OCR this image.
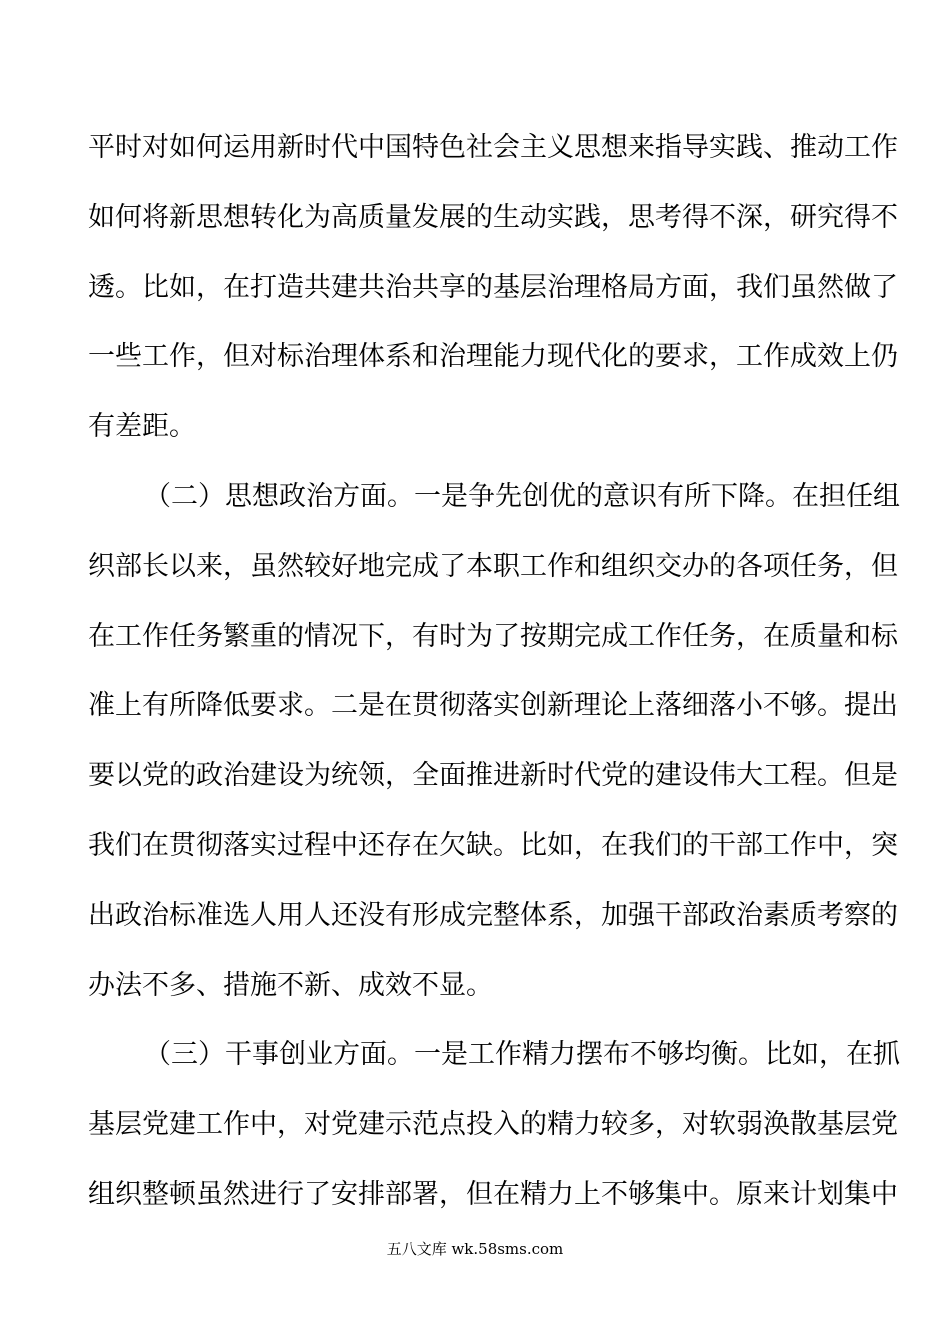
平时对如何运用新时代中国特色社会主义思想来指导实践、推动工作
如何将新思想转化为高质量发展的生动实践，思考得不深，研究得不
透。比如，在打造共建共治共享的基层治理格局方面，我们虽然做了
一些工作，但对标治理体系和治理能力现代化的要求，工作成效上仍
有差距。
（二）思想政治方面。一是争先创优的意识有所下降。在担任组
织部长以来，虽然较好地完成了本职工作和组织交办的各项任务，但
在工作任务繁重的情况下，有时为了按期完成工作任务，在质量和标
准上有所降低要求。二是在贯彻落实创新理论上落细落小不够。提出
要以党的政治建设为统领，全面推进新时代党的建设伟大工程。但是
我们在贯彻落实过程中还存在欠缺。比如，在我们的干部工作中，突
出政治标准选人用人还没有形成完整体系，加强干部政治素质考察的
办法不多、措施不新、成效不显。
（三）干事创业方面。一是工作精力摆布不够均衡。比如，在抓
基层党建工作中，对党建示范点投入的精力较多，对软弱涣散基层党
组织整顿虽然进行了安排部署，但在精力上不够集中。原来计划集中
五八文库 wk.58sms.com
